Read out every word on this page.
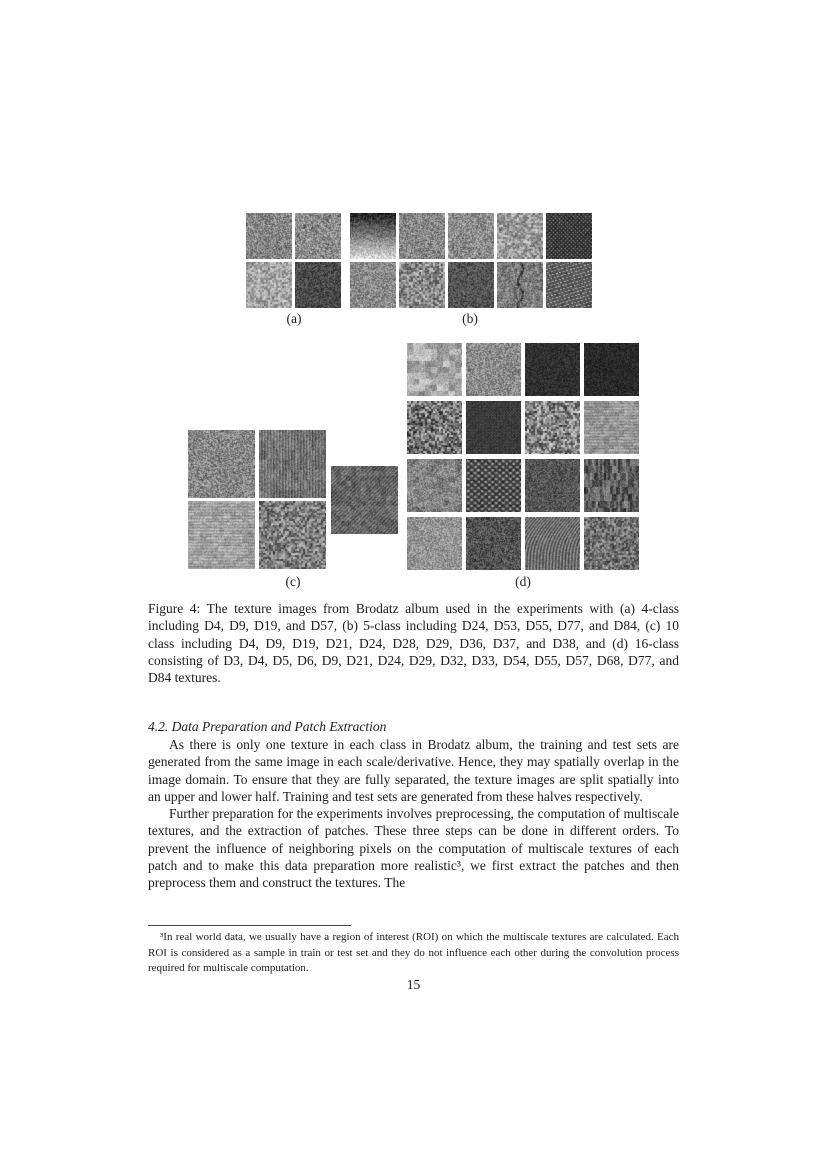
(a)	(b)
(c)	(d)
Figure 4: The texture images from Brodatz album used in the experiments with (a) 4-class including D4, D9, D19, and D57, (b) 5-class including D24, D53, D55, D77, and D84, (c) 10 class including D4, D9, D19, D21, D24, D28, D29, D36, D37, and D38, and (d) 16-class consisting of D3, D4, D5, D6, D9, D21, D24, D29, D32, D33, D54, D55, D57, D68, D77, and D84 textures.
4.2. Data Preparation and Patch Extraction

As there is only one texture in each class in Brodatz album, the training and test sets are generated from the same image in each scale/derivative. Hence, they may spatially overlap in the image domain. To ensure that they are fully separated, the texture images are split spatially into an upper and lower half. Training and test sets are generated from these halves respectively.

Further preparation for the experiments involves preprocessing, the computation of multiscale textures, and the extraction of patches. These three steps can be done in different orders. To prevent the influence of neighboring pixels on the computation of multiscale textures of each patch and to make this data preparation more realistic³, we first extract the patches and then preprocess them and construct the textures. The

³In real world data, we usually have a region of interest (ROI) on which the multiscale textures are calculated. Each ROI is considered as a sample in train or test set and they do not influence each other during the convolution process required for multiscale computation.

15
